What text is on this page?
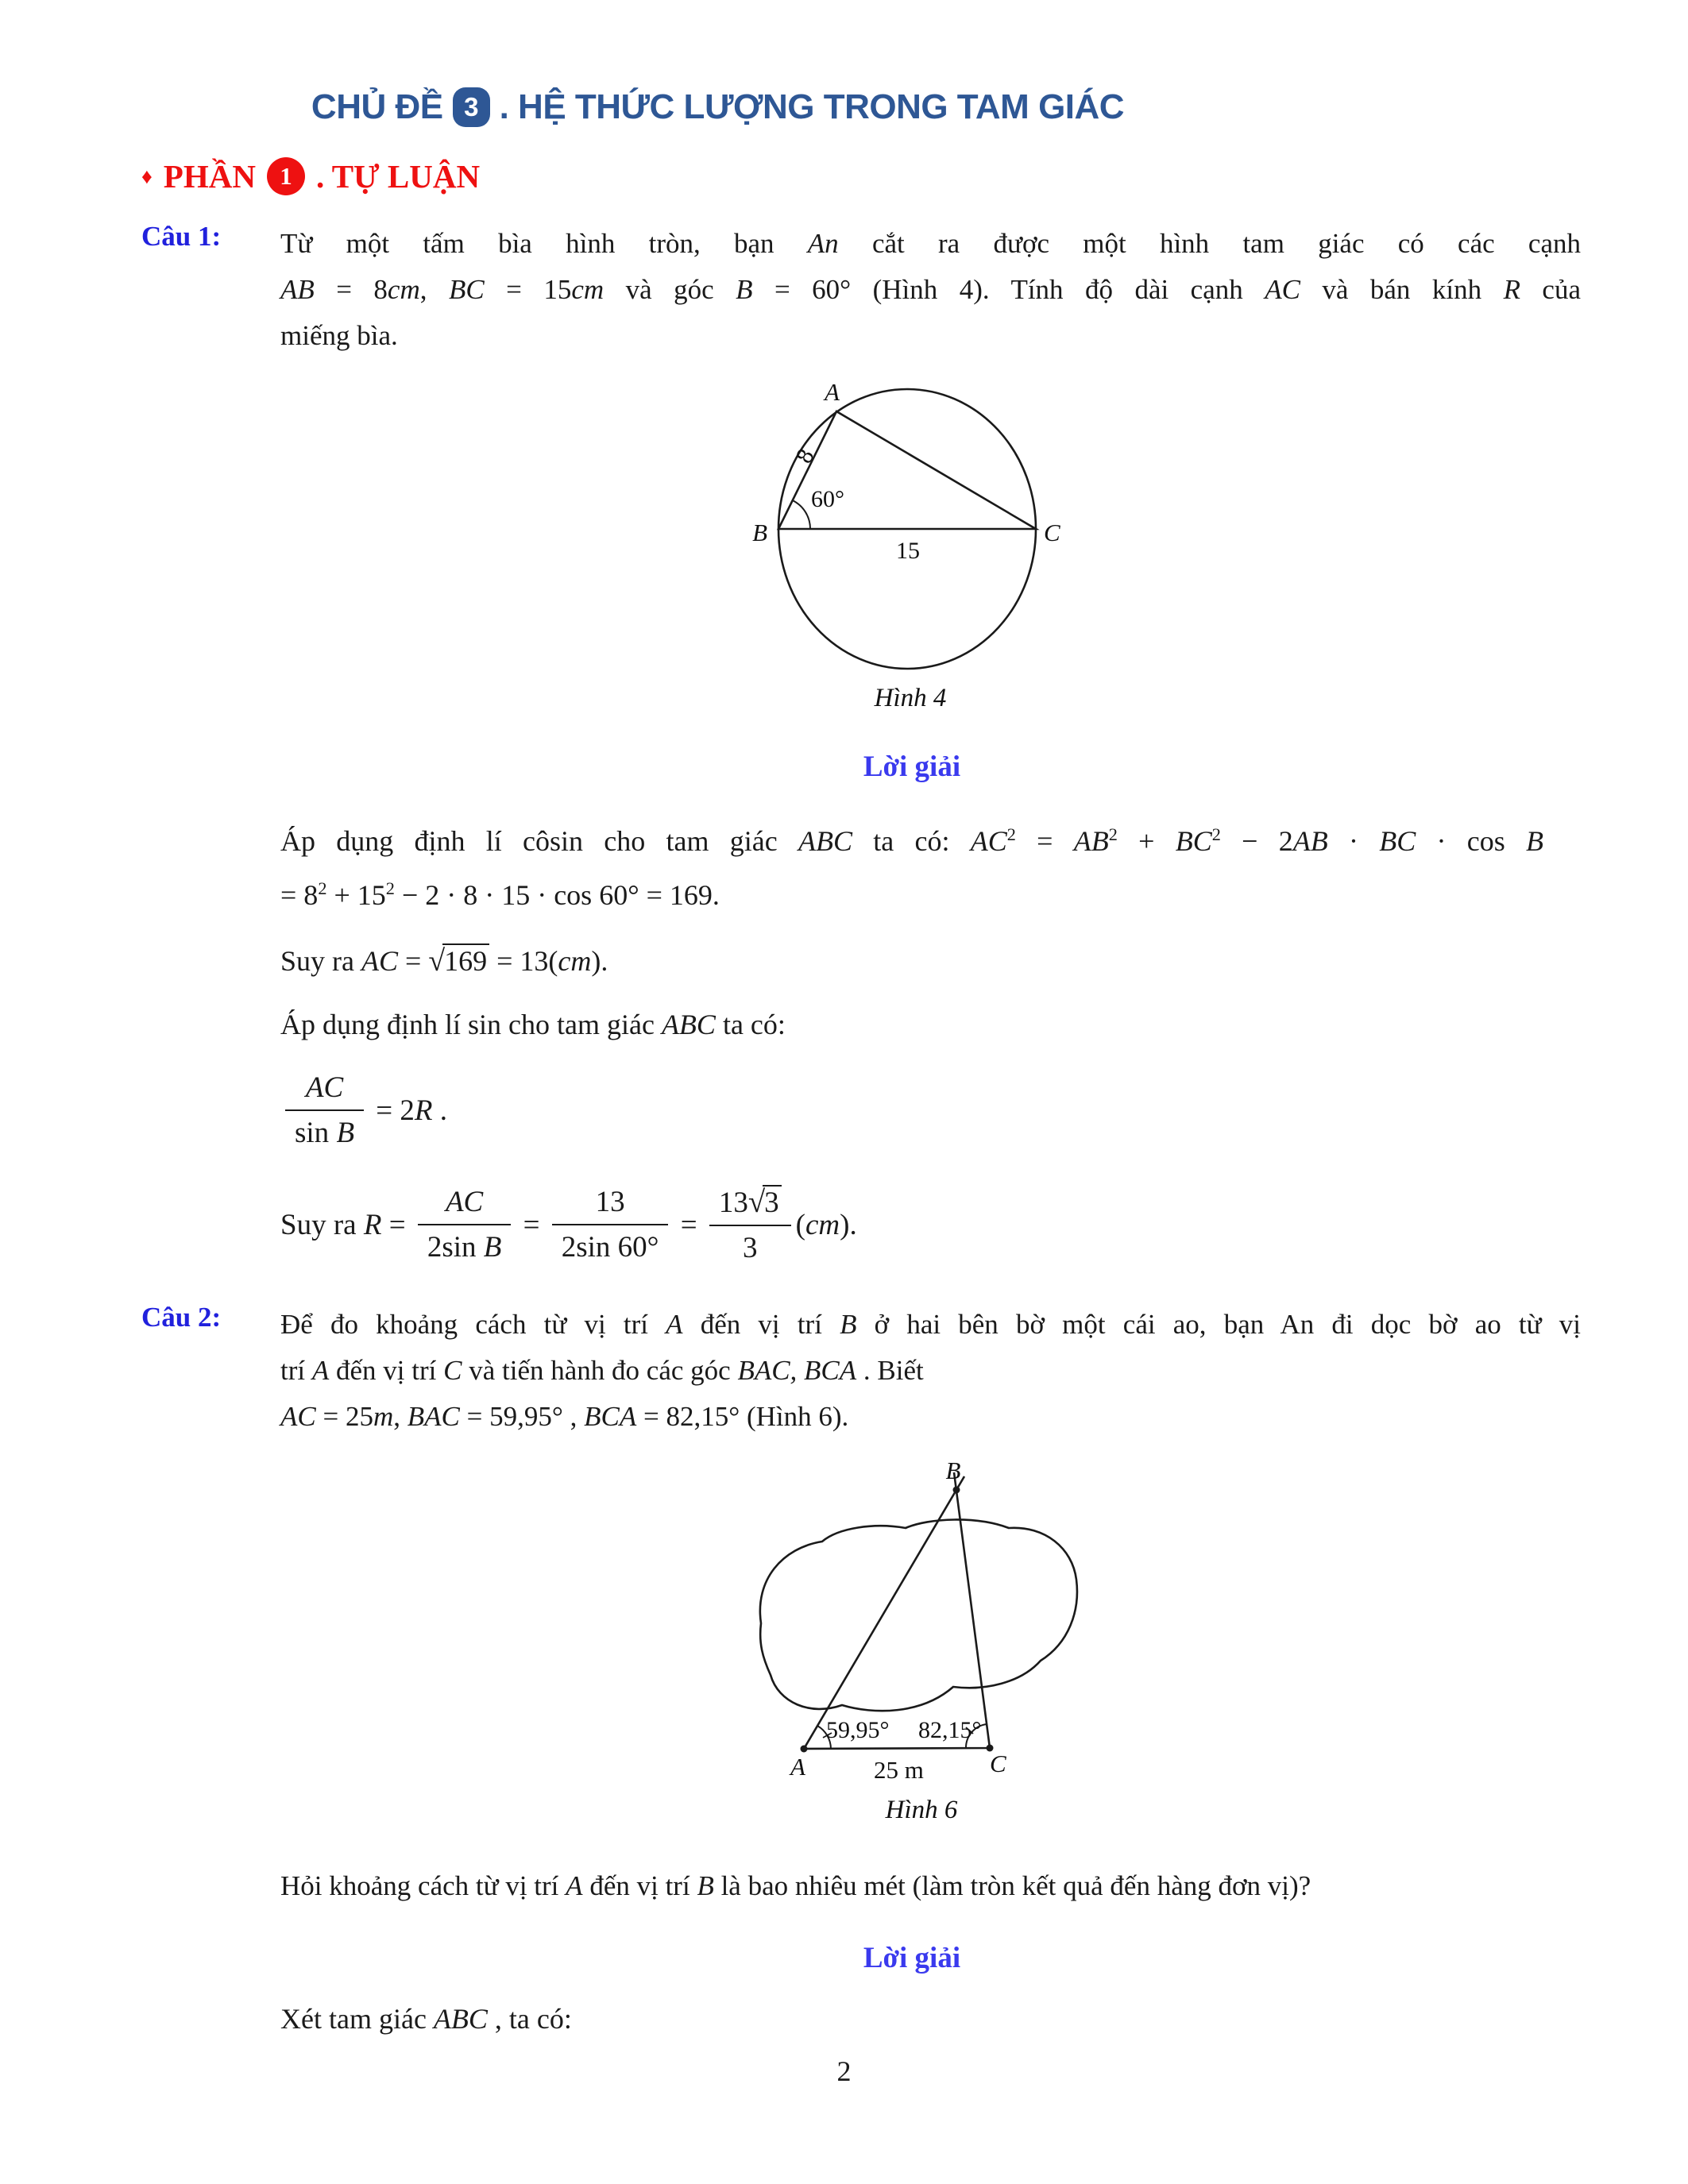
CHỦ ĐỀ 3 . HỆ THỨC LƯỢNG TRONG TAM GIÁC
♦ PHẦN 1 . TỰ LUẬN
Câu 1:	Từ một tấm bìa hình tròn, bạn An cắt ra được một hình tam giác có các cạnh
AB = 8cm, BC = 15cm và góc B = 60° (Hình 4). Tính độ dài cạnh AC và bán kính R của
miếng bìa.
A
B	C
8
60°
15
Hình 4
Lời giải
Áp dụng định lí côsin cho tam giác ABC ta có: $AC^2 = AB^2 + BC^2 - 2AB$ · BC · cos B
= $8^2 + 15^2 - 2 \cdot 8 \cdot 15 \cdot \cos 60^\circ = 169$.
Suy ra AC = √169 = 13(cm).
Áp dụng định lí sin cho tam giác ABC ta có:
$\frac{AC}{\text{sin B}} = 2R$ .
Suy ra $R = \frac{AC}{\text{2sin B}} = \frac{13}{2\sin 60^\circ} = \frac{13√3}{3} (cm)$.
Câu 2:	Để đo khoảng cách từ vị trí A đến vị trí B ở hai bên bờ một cái ao, bạn An đi dọc bờ ao từ vị
trí A đến vị trí C và tiến hành đo các góc BAC, BCA . Biết
AC = 25m, BAC = 59,95° , BCA = 82,15° (Hình 6).
B
A	C
59,95° 82,15°
25 m
Hình 6
Hỏi khoảng cách từ vị trí A đến vị trí B là bao nhiêu mét (làm tròn kết quả đến hàng đơn vị)?
Lời giải
Xét tam giác ABC , ta có:
2
